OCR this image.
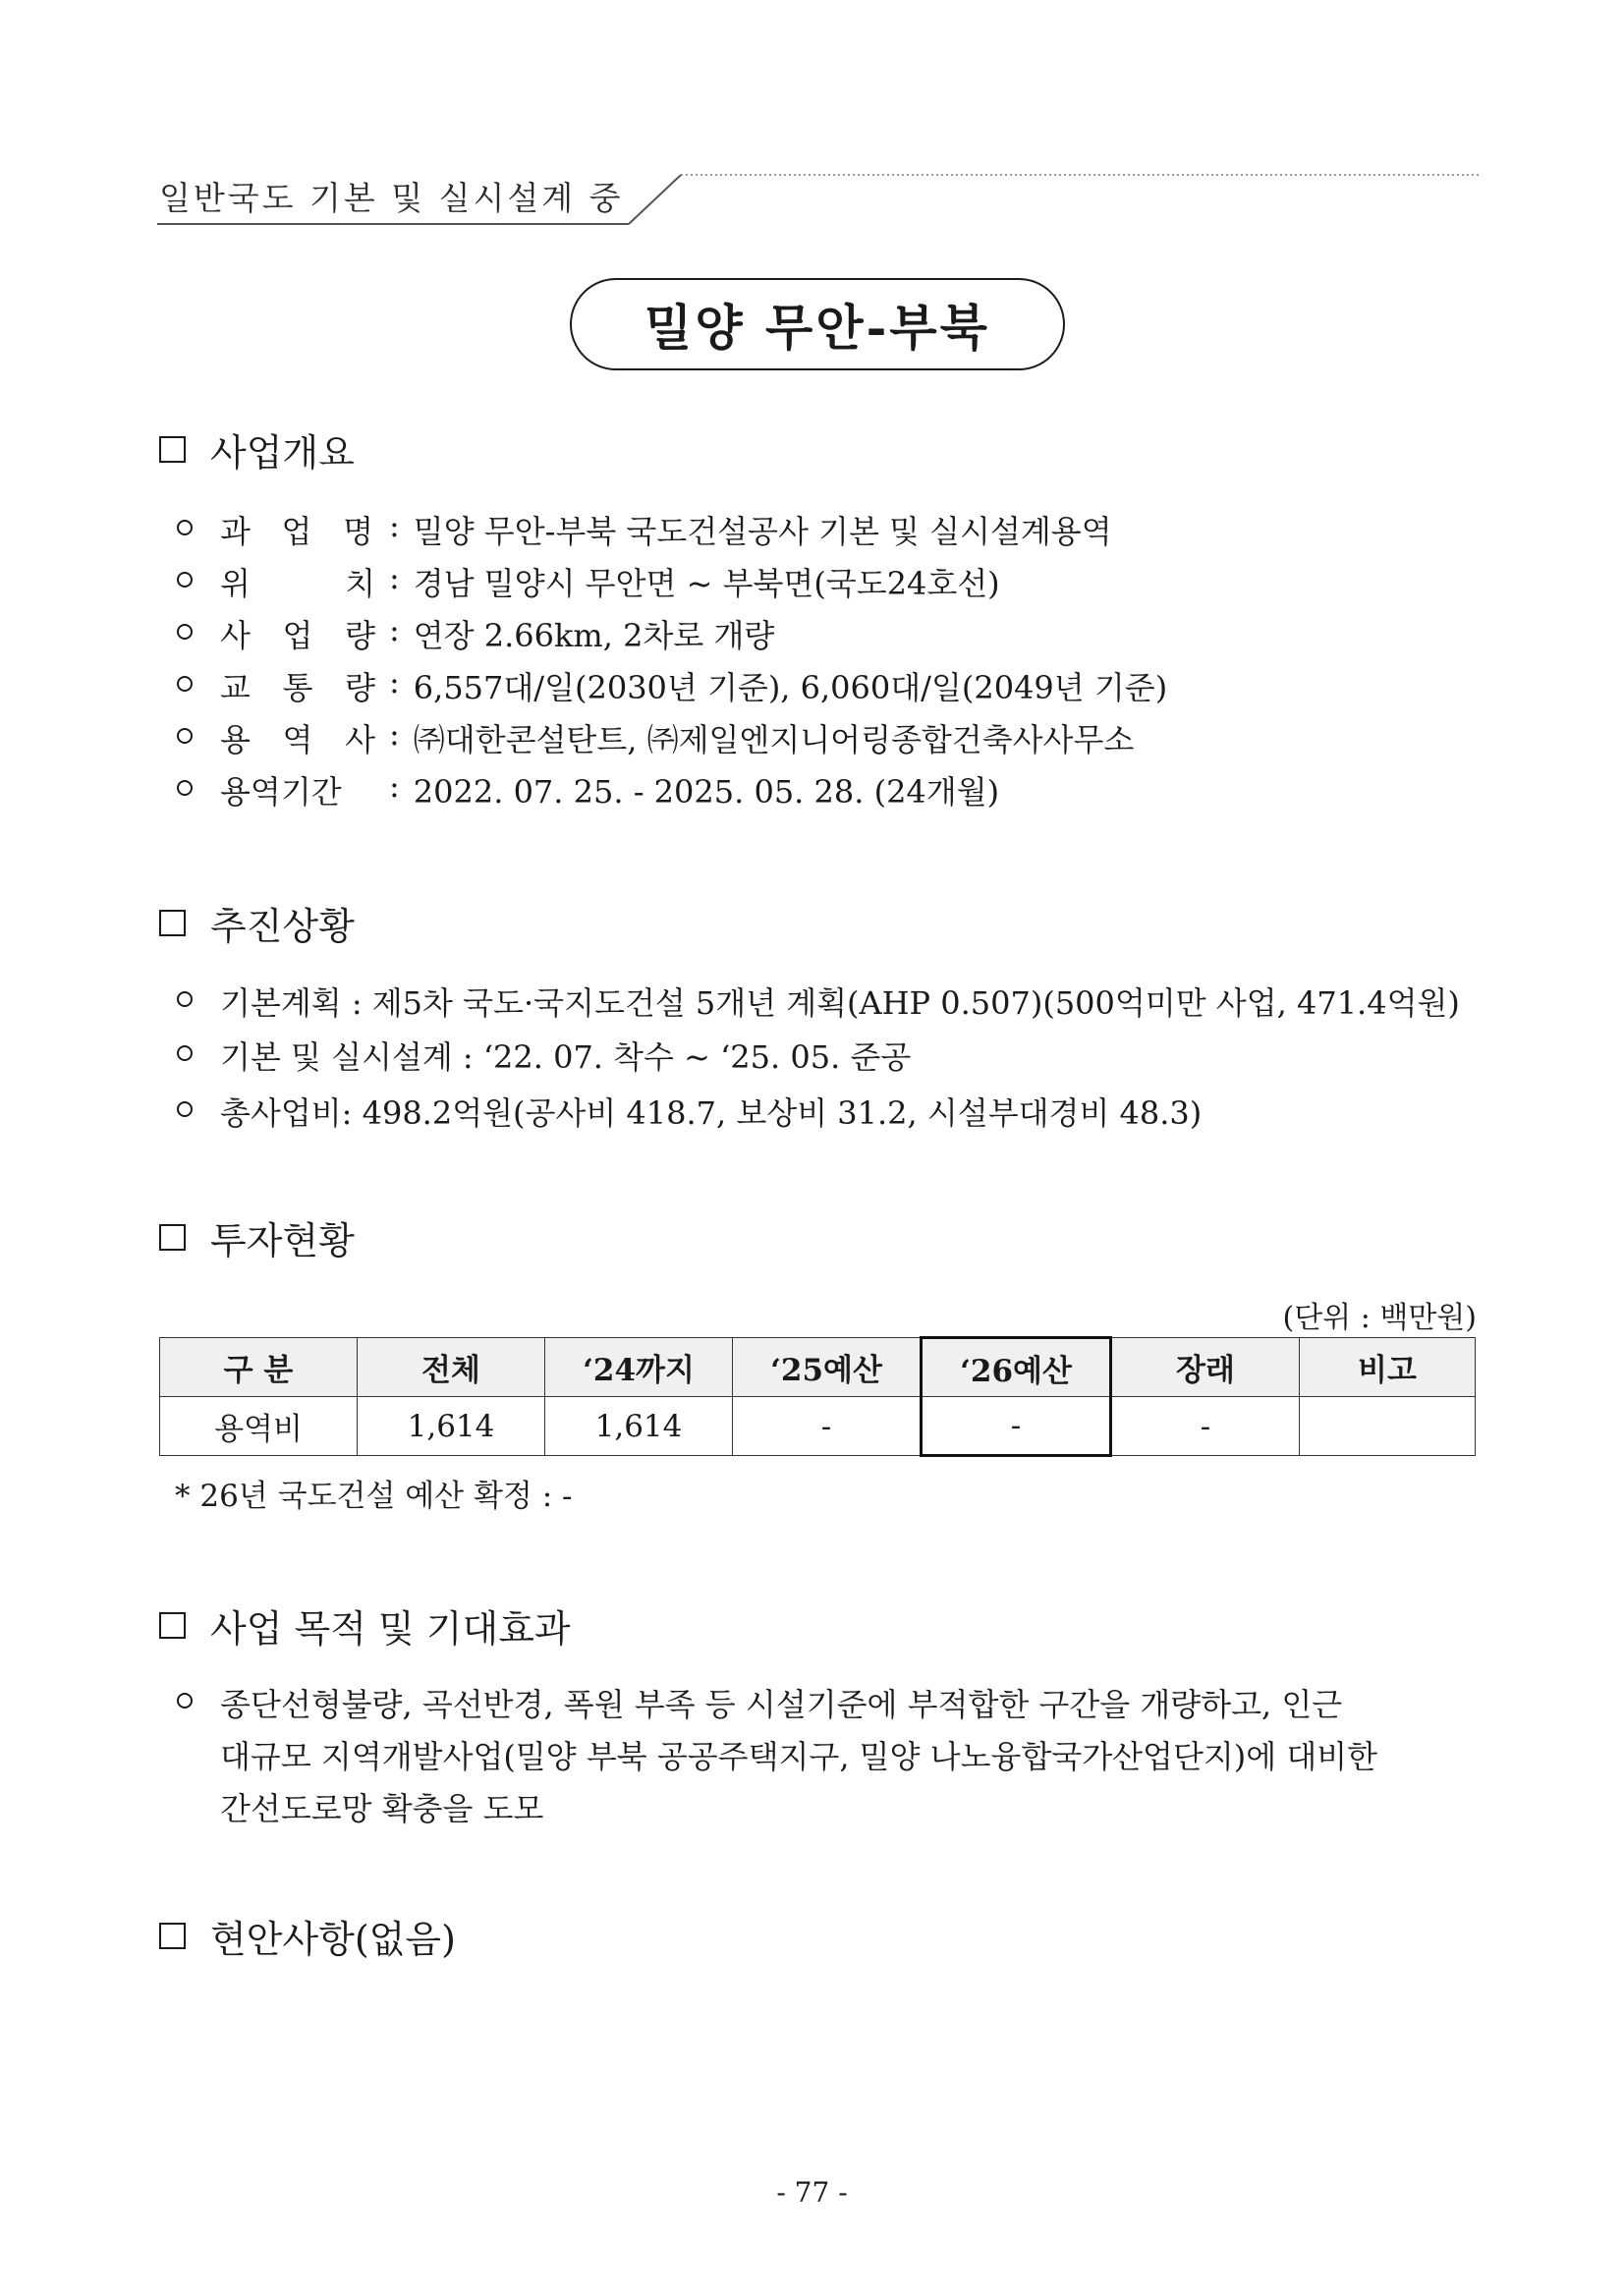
일반국도 기본 및 실시설계 중
밀양 무안-부북
사업개요
과 업 명 : 밀양 무안-부북 국도건설공사 기본 및 실시설계용역
위 치 : 경남 밀양시 무안면 ~ 부북면(국도24호선)
사 업 량 : 연장 2.66km, 2차로 개량
교 통 량 : 6,557대/일(2030년 기준), 6,060대/일(2049년 기준)
용 역 사 : ㈜대한콘설탄트, ㈜제일엔지니어링종합건축사사무소
용역기간	: 2022. 07. 25. - 2025. 05. 28. (24개월)
추진상황
기본계획 : 제5차 국도·국지도건설 5개년 계획(AHP 0.507)(500억미만 사업, 471.4억원)
기본 및 실시설계 : ‘22. 07. 착수 ~ ‘25. 05. 준공
총사업비: 498.2억원(공사비 418.7, 보상비 31.2, 시설부대경비 48.3)
투자현황
(단위 : 백만원)
구 분	전체	‘24까지	‘25예산	‘26예산	장래	비고
용역비	1,614	1,614	-	-	-	
* 26년 국도건설 예산 확정 : -
사업 목적 및 기대효과
종단선형불량, 곡선반경, 폭원 부족 등 시설기준에 부적합한 구간을 개량하고, 인근
대규모 지역개발사업(밀양 부북 공공주택지구, 밀양 나노융합국가산업단지)에 대비한
간선도로망 확충을 도모
현안사항(없음)
- 77 -
